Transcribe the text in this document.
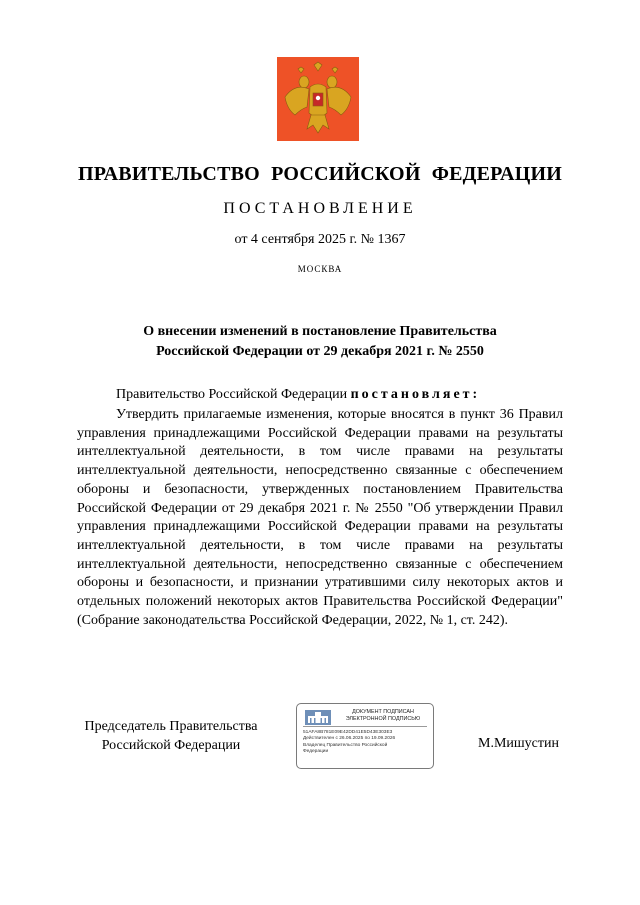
ПРАВИТЕЛЬСТВО РОССИЙСКОЙ ФЕДЕРАЦИИ
ПОСТАНОВЛЕНИЕ
от 4 сентября 2025 г. № 1367
МОСКВА
О внесении изменений в постановление Правительства
Российской Федерации от 29 декабря 2021 г. № 2550
Правительство Российской Федерации постановляет:

Утвердить прилагаемые изменения, которые вносятся в пункт 36 Правил управления принадлежащими Российской Федерации правами на результаты интеллектуальной деятельности, в том числе правами на результаты интеллектуальной деятельности, непосредственно связанные с обеспечением обороны и безопасности, утвержденных постановлением Правительства Российской Федерации от 29 декабря 2021 г. № 2550 "Об утверждении Правил управления принадлежащими Российской Федерации правами на результаты интеллектуальной деятельности, в том числе правами на результаты интеллектуальной деятельности, непосредственно связанные с обеспечением обороны и безопасности, и признании утратившими силу некоторых актов и отдельных положений некоторых актов Правительства Российской Федерации" (Собрание законодательства Российской Федерации, 2022, № 1, ст. 242).

Председатель Правительства
Российской Федерации
ДОКУМЕНТ ПОДПИСАН
ЭЛЕКТРОННОЙ ПОДПИСЬЮ
51AFA8B781E09E42DD41E5D43E303E3
Действителен с 26.06.2025 по 19.09.2026
Владелец Правительство Российской
Федерации
М.Мишустин
